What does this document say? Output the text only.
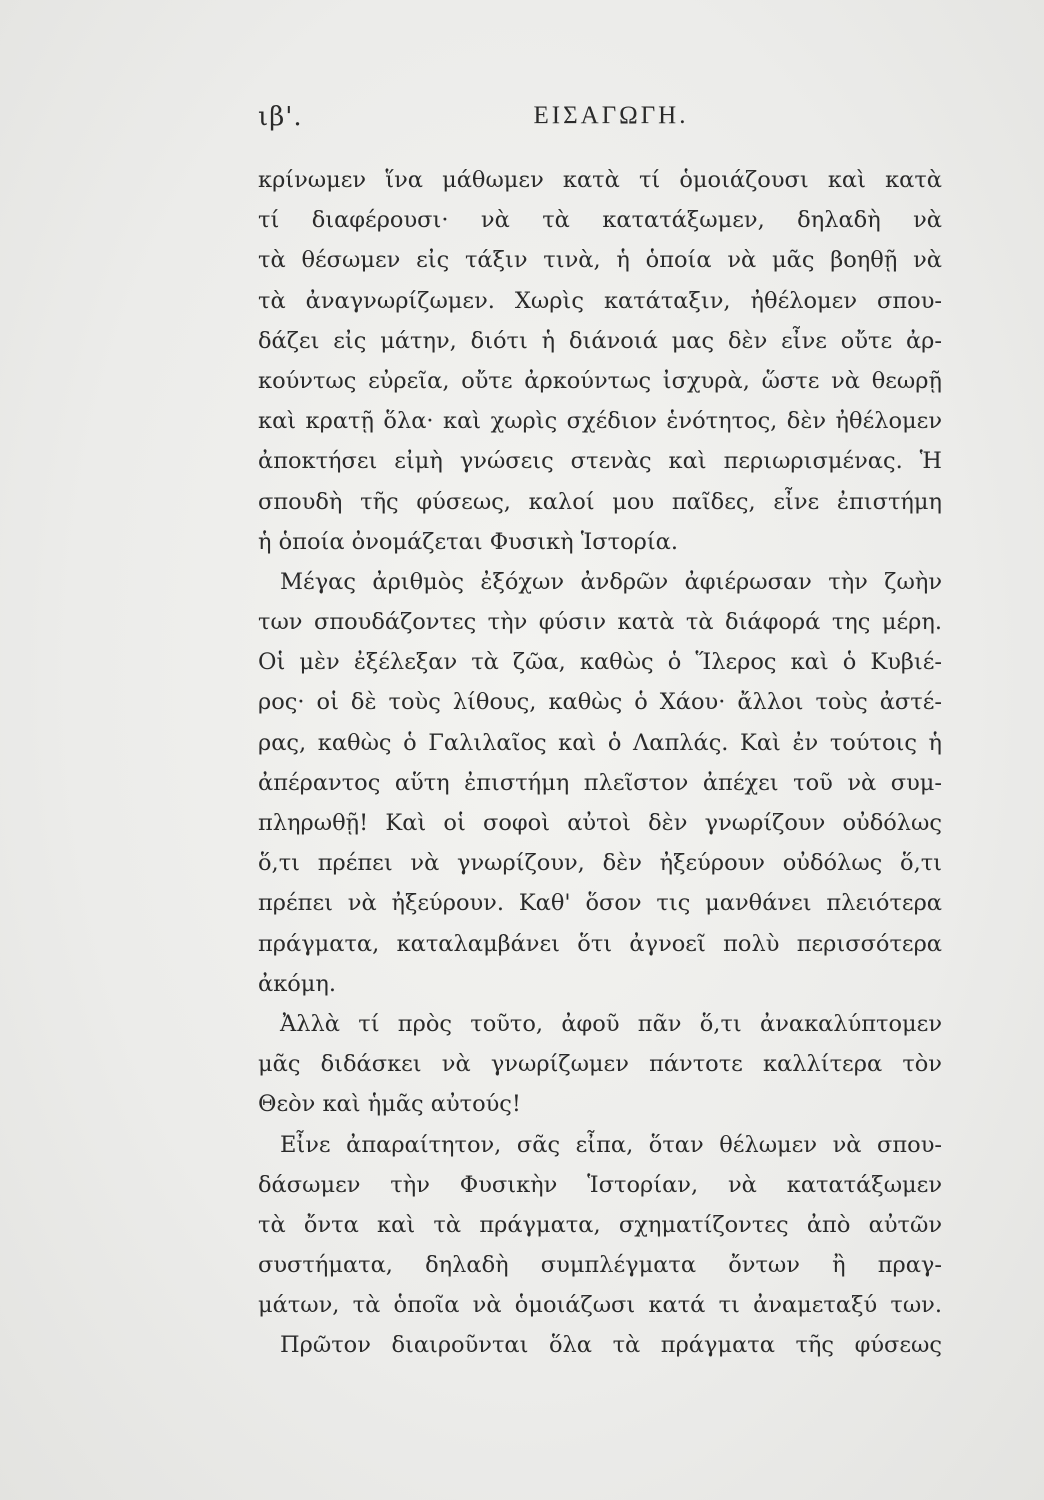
ιβ'.	ΕΙΣΑΓΩΓΗ.
κρίνωμεν ἵνα μάθωμεν κατὰ τί ὁμοιάζουσι καὶ κατὰ
τί διαφέρουσι· νὰ τὰ κατατάξωμεν, δηλαδὴ νὰ
τὰ θέσωμεν εἰς τάξιν τινὰ, ἡ ὁποία νὰ μᾶς βοηθῇ νὰ
τὰ ἀναγνωρίζωμεν. Χωρὶς κατάταξιν, ἠθέλομεν σπου-
δάζει εἰς μάτην, διότι ἡ διάνοιά μας δὲν εἶνε οὔτε ἀρ-
κούντως εὐρεῖα, οὔτε ἀρκούντως ἰσχυρὰ, ὥστε νὰ θεωρῇ
καὶ κρατῇ ὅλα· καὶ χωρὶς σχέδιον ἑνότητος, δὲν ἠθέλομεν
ἀποκτήσει εἰμὴ γνώσεις στενὰς καὶ περιωρισμένας. Ἡ
σπουδὴ τῆς φύσεως, καλοί μου παῖδες, εἶνε ἐπιστήμη
ἡ ὁποία ὀνομάζεται Φυσικὴ Ἱστορία.
Μέγας ἀριθμὸς ἐξόχων ἀνδρῶν ἀφιέρωσαν τὴν ζωὴν
των σπουδάζοντες τὴν φύσιν κατὰ τὰ διάφορά της μέρη.
Οἱ μὲν ἐξέλεξαν τὰ ζῶα, καθὼς ὁ Ἵλερος καὶ ὁ Κυβιέ-
ρος· οἱ δὲ τοὺς λίθους, καθὼς ὁ Χάου· ἄλλοι τοὺς ἀστέ-
ρας, καθὼς ὁ Γαλιλαῖος καὶ ὁ Λαπλάς. Καὶ ἐν τούτοις ἡ
ἀπέραντος αὕτη ἐπιστήμη πλεῖστον ἀπέχει τοῦ νὰ συμ-
πληρωθῇ! Καὶ οἱ σοφοὶ αὐτοὶ δὲν γνωρίζουν οὐδόλως
ὅ,τι πρέπει νὰ γνωρίζουν, δὲν ἠξεύρουν οὐδόλως ὅ,τι
πρέπει νὰ ἠξεύρουν. Καθ' ὅσον τις μανθάνει πλειότερα
πράγματα, καταλαμβάνει ὅτι ἀγνοεῖ πολὺ περισσότερα
ἀκόμη.
Ἀλλὰ τί πρὸς τοῦτο, ἀφοῦ πᾶν ὅ,τι ἀνακαλύπτομεν
μᾶς διδάσκει νὰ γνωρίζωμεν πάντοτε καλλίτερα τὸν
Θεὸν καὶ ἡμᾶς αὐτούς!
Εἶνε ἀπαραίτητον, σᾶς εἶπα, ὅταν θέλωμεν νὰ σπου-
δάσωμεν τὴν Φυσικὴν Ἱστορίαν, νὰ κατατάξωμεν
τὰ ὄντα καὶ τὰ πράγματα, σχηματίζοντες ἀπὸ αὐτῶν
συστήματα, δηλαδὴ συμπλέγματα ὄντων ἢ πραγ-
μάτων, τὰ ὁποῖα νὰ ὁμοιάζωσι κατά τι ἀναμεταξύ των.
Πρῶτον διαιροῦνται ὅλα τὰ πράγματα τῆς φύσεως
